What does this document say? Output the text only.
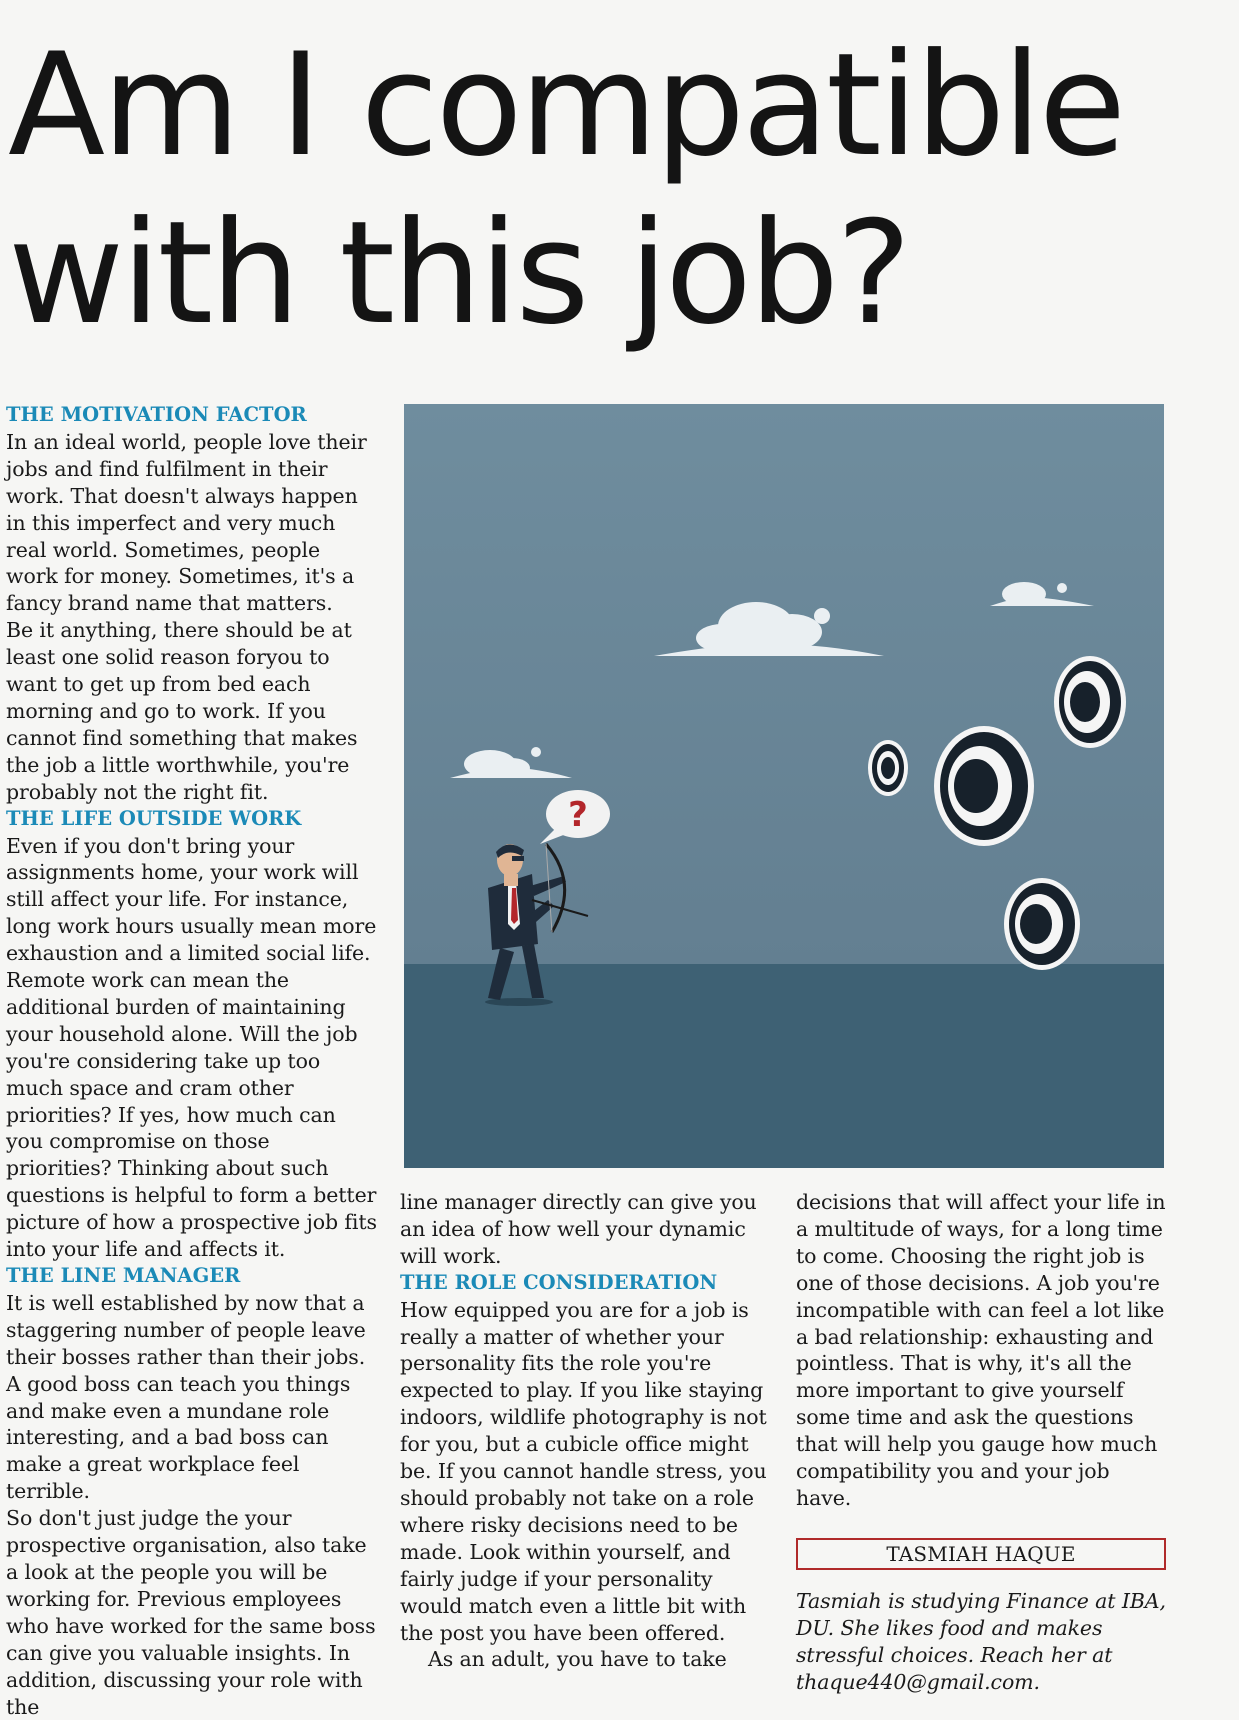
Am I compatible with this job?
THE MOTIVATION FACTOR

In an ideal world, people love their jobs and find fulfilment in their work. That doesn't always happen in this imperfect and very much real world. Sometimes, people work for money. Sometimes, it's a fancy brand name that matters.

Be it anything, there should be at least one solid reason foryou to want to get up from bed each morning and go to work. If you cannot find something that makes the job a little worthwhile, you're probably not the right fit.

THE LIFE OUTSIDE WORK

Even if you don't bring your assignments home, your work will still affect your life. For instance, long work hours usually mean more exhaustion and a limited social life. Remote work can mean the additional burden of maintaining your household alone. Will the job you're considering take up too much space and cram other priorities? If yes, how much can you compromise on those priorities? Thinking about such questions is helpful to form a better picture of how a prospective job fits into your life and affects it.

THE LINE MANAGER

It is well established by now that a staggering number of people leave their bosses rather than their jobs. A good boss can teach you things and make even a mundane role interesting, and a bad boss can make a great workplace feel terrible.

So don't just judge the your prospective organisation, also take a look at the people you will be working for. Previous employees who have worked for the same boss can give you valuable insights. In addition, discussing your role with the

?

line manager directly can give you an idea of how well your dynamic will work.

THE ROLE CONSIDERATION

How equipped you are for a job is really a matter of whether your personality fits the role you're expected to play. If you like staying indoors, wildlife photography is not for you, but a cubicle office might be. If you cannot handle stress, you should probably not take on a role where risky decisions need to be made. Look within yourself, and fairly judge if your personality would match even a little bit with the post you have been offered.

As an adult, you have to take

decisions that will affect your life in a multitude of ways, for a long time to come. Choosing the right job is one of those decisions. A job you're incompatible with can feel a lot like a bad relationship: exhausting and pointless. That is why, it's all the more important to give yourself some time and ask the questions that will help you gauge how much compatibility you and your job have.

TASMIAH HAQUE

Tasmiah is studying Finance at IBA, DU. She likes food and makes stressful choices. Reach her at thaque440@gmail.com.
